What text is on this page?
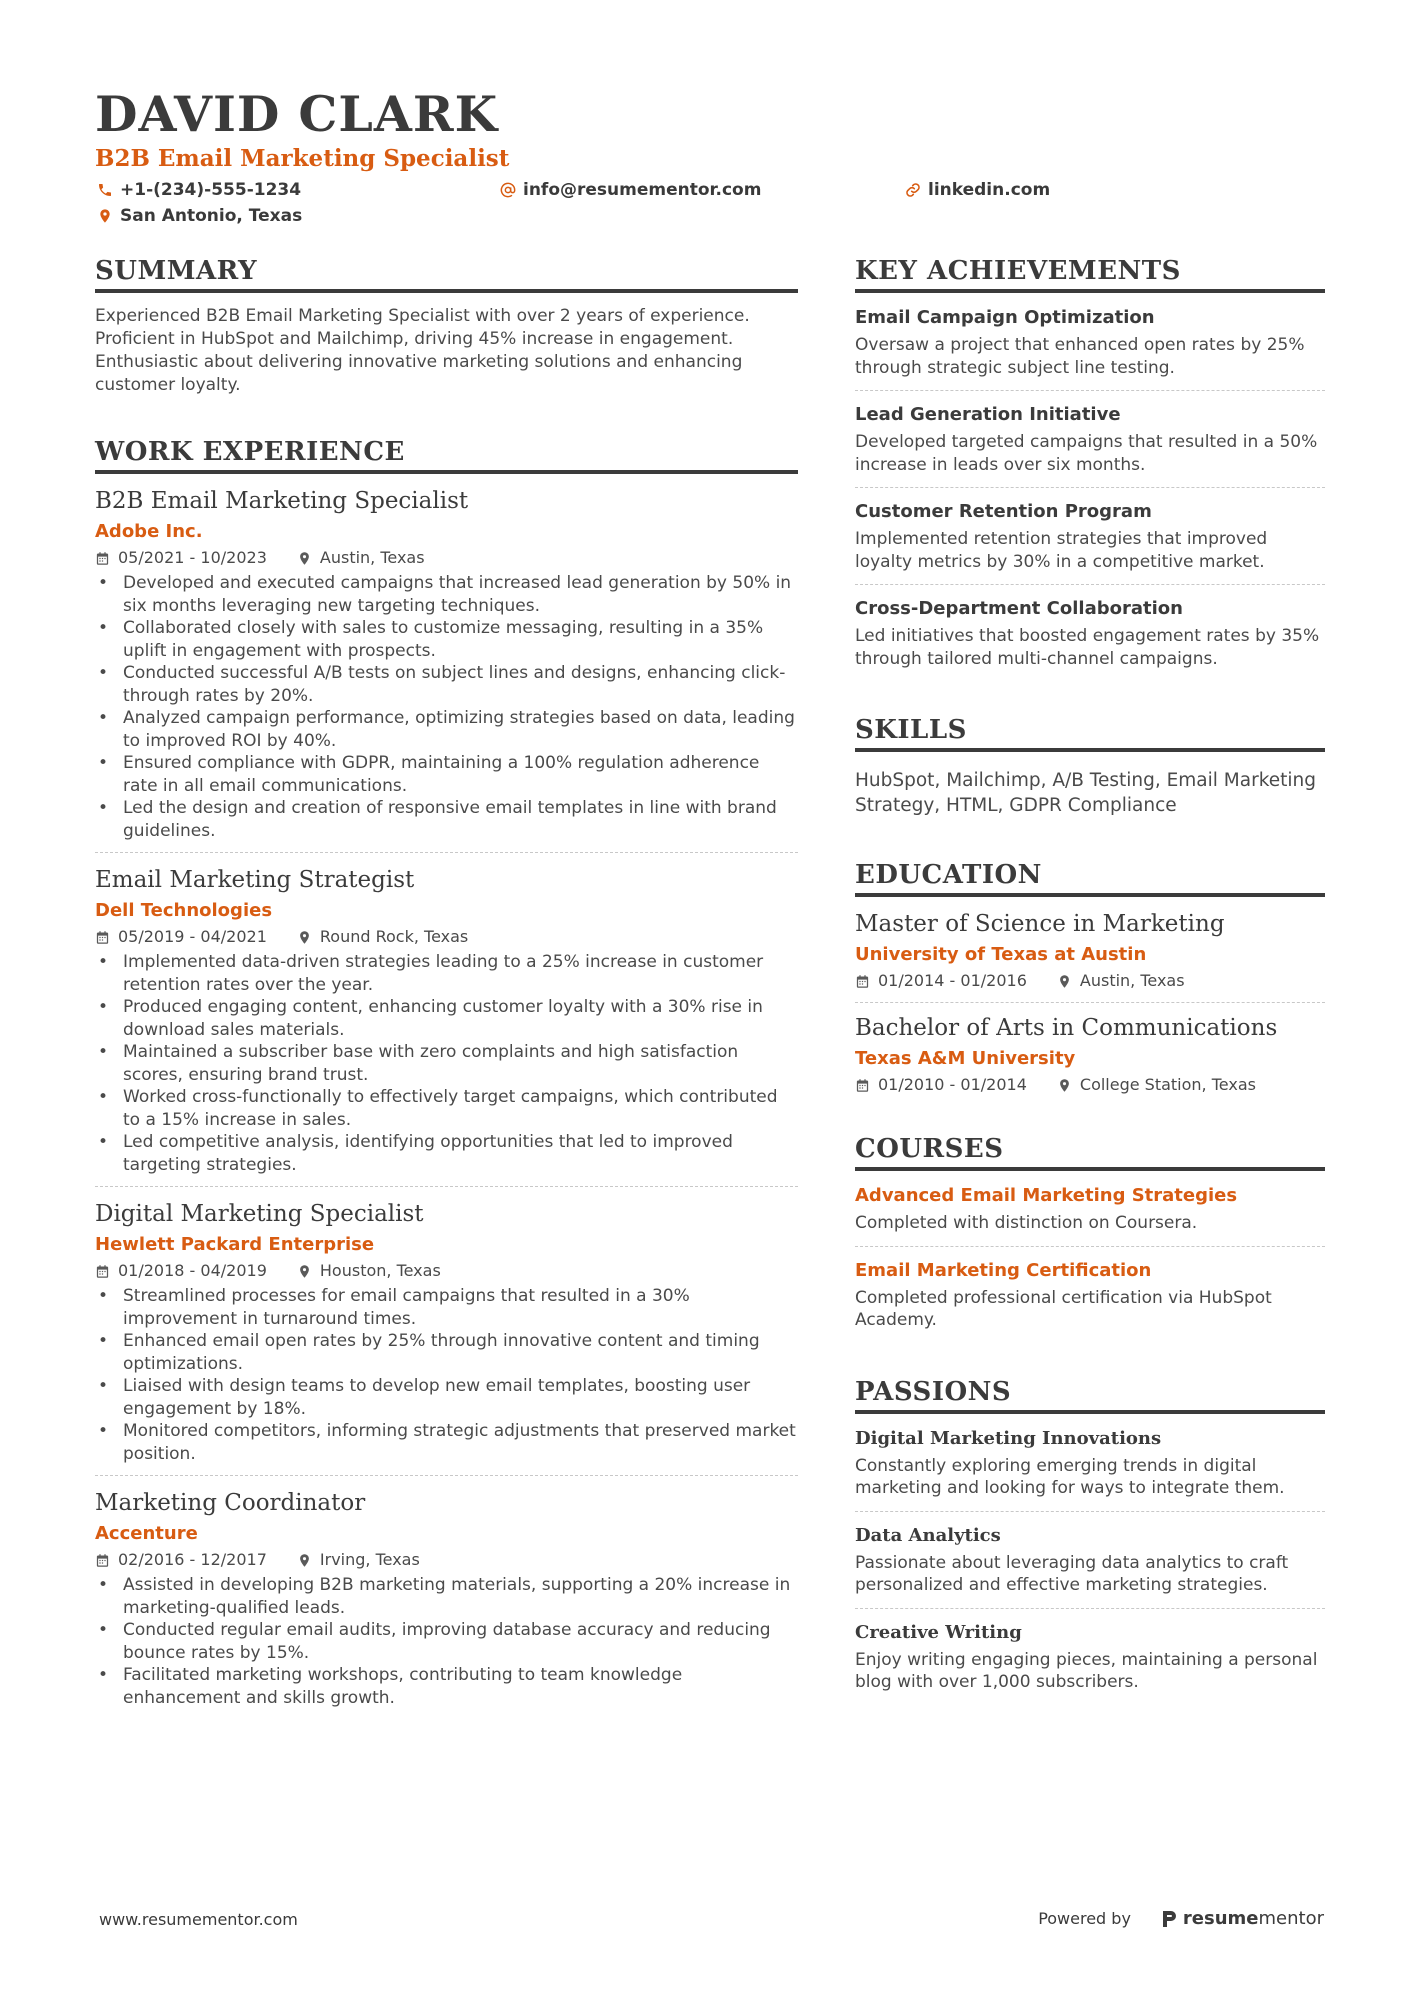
DAVID CLARK
B2B Email Marketing Specialist
+1-(234)-555-1234	info@resumementor.com	linkedin.com
San Antonio, Texas
SUMMARY
Experienced B2B Email Marketing Specialist with over 2 years of experience. Proficient in HubSpot and Mailchimp, driving 45% increase in engagement. Enthusiastic about delivering innovative marketing solutions and enhancing customer loyalty.
WORK EXPERIENCE
B2B Email Marketing Specialist
Adobe Inc.
05/2021 - 10/2023	Austin, Texas
• Developed and executed campaigns that increased lead generation by 50% in six months leveraging new targeting techniques.
• Collaborated closely with sales to customize messaging, resulting in a 35% uplift in engagement with prospects.
• Conducted successful A/B tests on subject lines and designs, enhancing click-through rates by 20%.
• Analyzed campaign performance, optimizing strategies based on data, leading to improved ROI by 40%.
• Ensured compliance with GDPR, maintaining a 100% regulation adherence rate in all email communications.
• Led the design and creation of responsive email templates in line with brand guidelines.
Email Marketing Strategist
Dell Technologies
05/2019 - 04/2021	Round Rock, Texas
• Implemented data-driven strategies leading to a 25% increase in customer retention rates over the year.
• Produced engaging content, enhancing customer loyalty with a 30% rise in download sales materials.
• Maintained a subscriber base with zero complaints and high satisfaction scores, ensuring brand trust.
• Worked cross-functionally to effectively target campaigns, which contributed to a 15% increase in sales.
• Led competitive analysis, identifying opportunities that led to improved targeting strategies.
Digital Marketing Specialist
Hewlett Packard Enterprise
01/2018 - 04/2019	Houston, Texas
• Streamlined processes for email campaigns that resulted in a 30% improvement in turnaround times.
• Enhanced email open rates by 25% through innovative content and timing optimizations.
• Liaised with design teams to develop new email templates, boosting user engagement by 18%.
• Monitored competitors, informing strategic adjustments that preserved market position.
Marketing Coordinator
Accenture
02/2016 - 12/2017	Irving, Texas
• Assisted in developing B2B marketing materials, supporting a 20% increase in marketing-qualified leads.
• Conducted regular email audits, improving database accuracy and reducing bounce rates by 15%.
• Facilitated marketing workshops, contributing to team knowledge enhancement and skills growth.
KEY ACHIEVEMENTS
Email Campaign Optimization
Oversaw a project that enhanced open rates by 25% through strategic subject line testing.
Lead Generation Initiative
Developed targeted campaigns that resulted in a 50% increase in leads over six months.
Customer Retention Program
Implemented retention strategies that improved loyalty metrics by 30% in a competitive market.
Cross-Department Collaboration
Led initiatives that boosted engagement rates by 35% through tailored multi-channel campaigns.
SKILLS
HubSpot, Mailchimp, A/B Testing, Email Marketing Strategy, HTML, GDPR Compliance
EDUCATION
Master of Science in Marketing
University of Texas at Austin
01/2014 - 01/2016	Austin, Texas
Bachelor of Arts in Communications
Texas A&M University
01/2010 - 01/2014	College Station, Texas
COURSES
Advanced Email Marketing Strategies
Completed with distinction on Coursera.
Email Marketing Certification
Completed professional certification via HubSpot Academy.
PASSIONS
Digital Marketing Innovations
Constantly exploring emerging trends in digital marketing and looking for ways to integrate them.
Data Analytics
Passionate about leveraging data analytics to craft personalized and effective marketing strategies.
Creative Writing
Enjoy writing engaging pieces, maintaining a personal blog with over 1,000 subscribers.
www.resumementor.com	Powered by	resumementor
